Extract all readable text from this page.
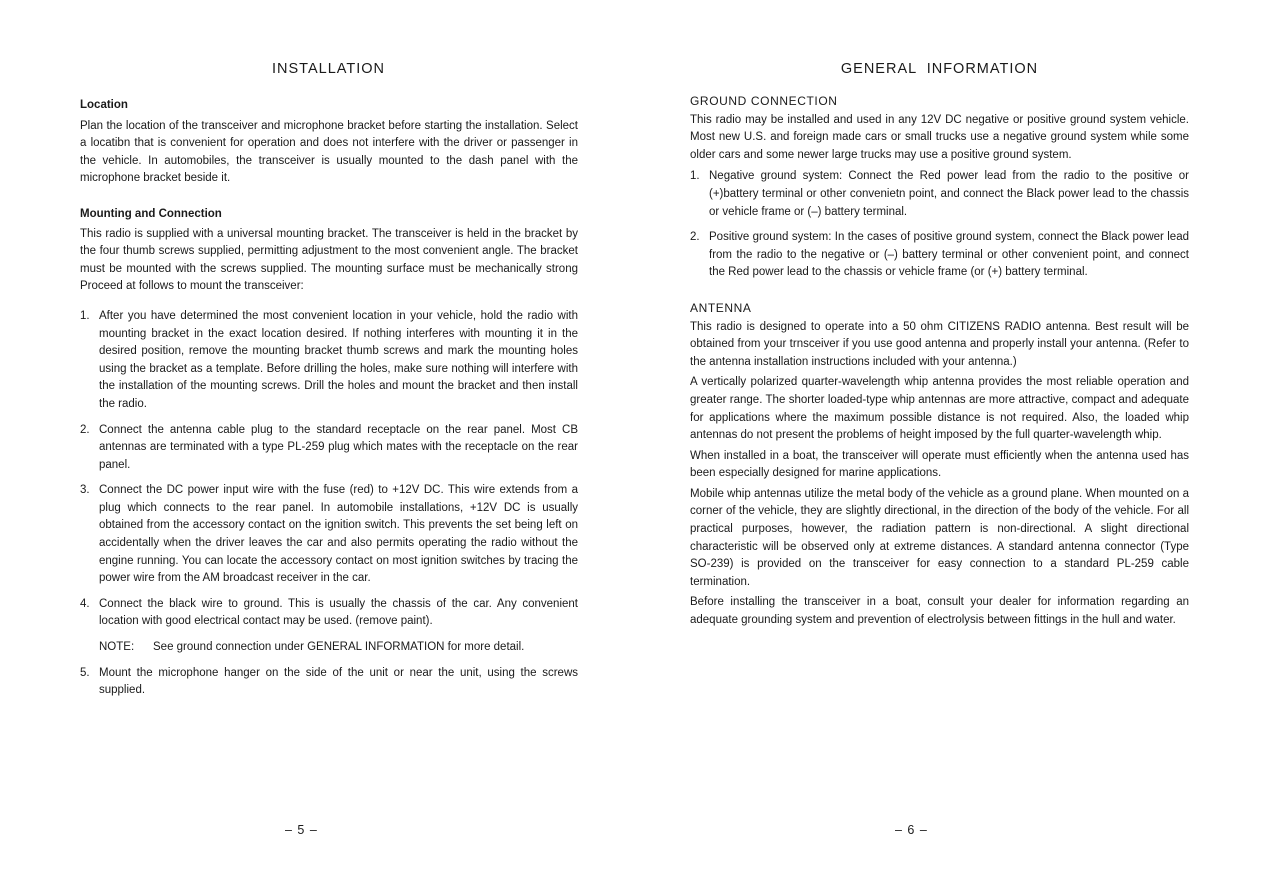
INSTALLATION

Location

Plan the location of the transceiver and microphone bracket before starting the installation. Select a locatibn that is convenient for operation and does not interfere with the driver or passenger in the vehicle. In automobiles, the transceiver is usually mounted to the dash panel with the microphone bracket beside it.

Mounting and Connection

This radio is supplied with a universal mounting bracket. The transceiver is held in the bracket by the four thumb screws supplied, permitting adjustment to the most convenient angle. The bracket must be mounted with the screws supplied. The mounting surface must be mechanically strong Proceed at follows to mount the transceiver:

1. After you have determined the most convenient location in your vehicle, hold the radio with mounting bracket in the exact location desired. If nothing interferes with mounting it in the desired position, remove the mounting bracket thumb screws and mark the mounting holes using the bracket as a template. Before drilling the holes, make sure nothing will interfere with the installation of the mounting screws. Drill the holes and mount the bracket and then install the radio.
2. Connect the antenna cable plug to the standard receptacle on the rear panel. Most CB antennas are terminated with a type PL-259 plug which mates with the receptacle on the rear panel.
3. Connect the DC power input wire with the fuse (red) to +12V DC. This wire extends from a plug which connects to the rear panel. In automobile installations, +12V DC is usually obtained from the accessory contact on the ignition switch. This prevents the set being left on accidentally when the driver leaves the car and also permits operating the radio without the engine running. You can locate the accessory contact on most ignition switches by tracing the power wire from the AM broadcast receiver in the car.
4. Connect the black wire to ground. This is usually the chassis of the car. Any convenient location with good electrical contact may be used. (remove paint).
NOTE:	See ground connection under GENERAL INFORMATION for more detail.
5. Mount the microphone hanger on the side of the unit or near the unit, using the screws supplied.

– 5 –

GENERAL  INFORMATION

GROUND CONNECTION

This radio may be installed and used in any 12V DC negative or positive ground system vehicle. Most new U.S. and foreign made cars or small trucks use a negative ground system while some older cars and some newer large trucks may use a positive ground system.

1. Negative ground system: Connect the Red power lead from the radio to the positive or (+)battery terminal or other convenietn point, and connect the Black power lead to the chassis or vehicle frame or (–) battery terminal.
2. Positive ground system: In the cases of positive ground system, connect the Black power lead from the radio to the negative or (–) battery terminal or other convenient point, and connect the Red power lead to the chassis or vehicle frame (or (+) battery terminal.

ANTENNA

This radio is designed to operate into a 50 ohm CITIZENS RADIO antenna. Best result will be obtained from your trnsceiver if you use good antenna and properly install your antenna. (Refer to the antenna installation instructions included with your antenna.)

A vertically polarized quarter-wavelength whip antenna provides the most reliable operation and greater range. The shorter loaded-type whip antennas are more attractive, compact and adequate for applications where the maximum possible distance is not required. Also, the loaded whip antennas do not present the problems of height imposed by the full quarter-wavelength whip.

When installed in a boat, the transceiver will operate must efficiently when the antenna used has been especially designed for marine applications.

Mobile whip antennas utilize the metal body of the vehicle as a ground plane. When mounted on a corner of the vehicle, they are slightly directional, in the direction of the body of the vehicle. For all practical purposes, however, the radiation pattern is non-directional. A slight directional characteristic will be observed only at extreme distances. A standard antenna connector (Type SO-239) is provided on the transceiver for easy connection to a standard PL-259 cable termination.

Before installing the transceiver in a boat, consult your dealer for information regarding an adequate grounding system and prevention of electrolysis between fittings in the hull and water.

– 6 –
